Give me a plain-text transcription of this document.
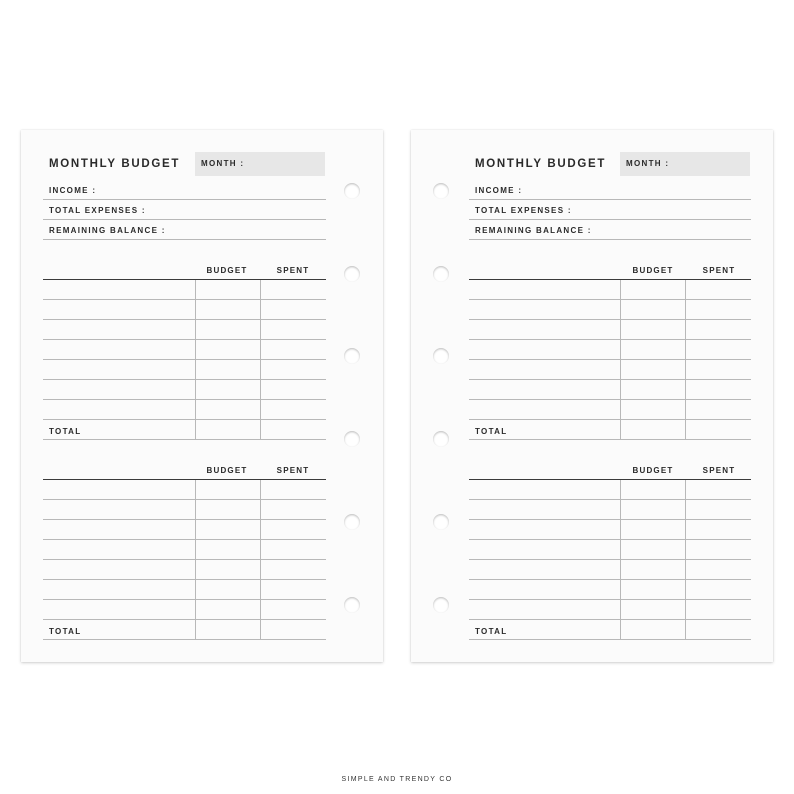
MONTHLY BUDGET	MONTH :
INCOME :
TOTAL EXPENSES :
REMAINING BALANCE :
BUDGET	SPENT
TOTAL
BUDGET	SPENT
TOTAL
MONTHLY BUDGET MONTH :
INCOME :
TOTAL EXPENSES :
REMAINING BALANCE :
BUDGET	SPENT
TOTAL
BUDGET	SPENT
TOTAL
SIMPLE AND TRENDY CO
